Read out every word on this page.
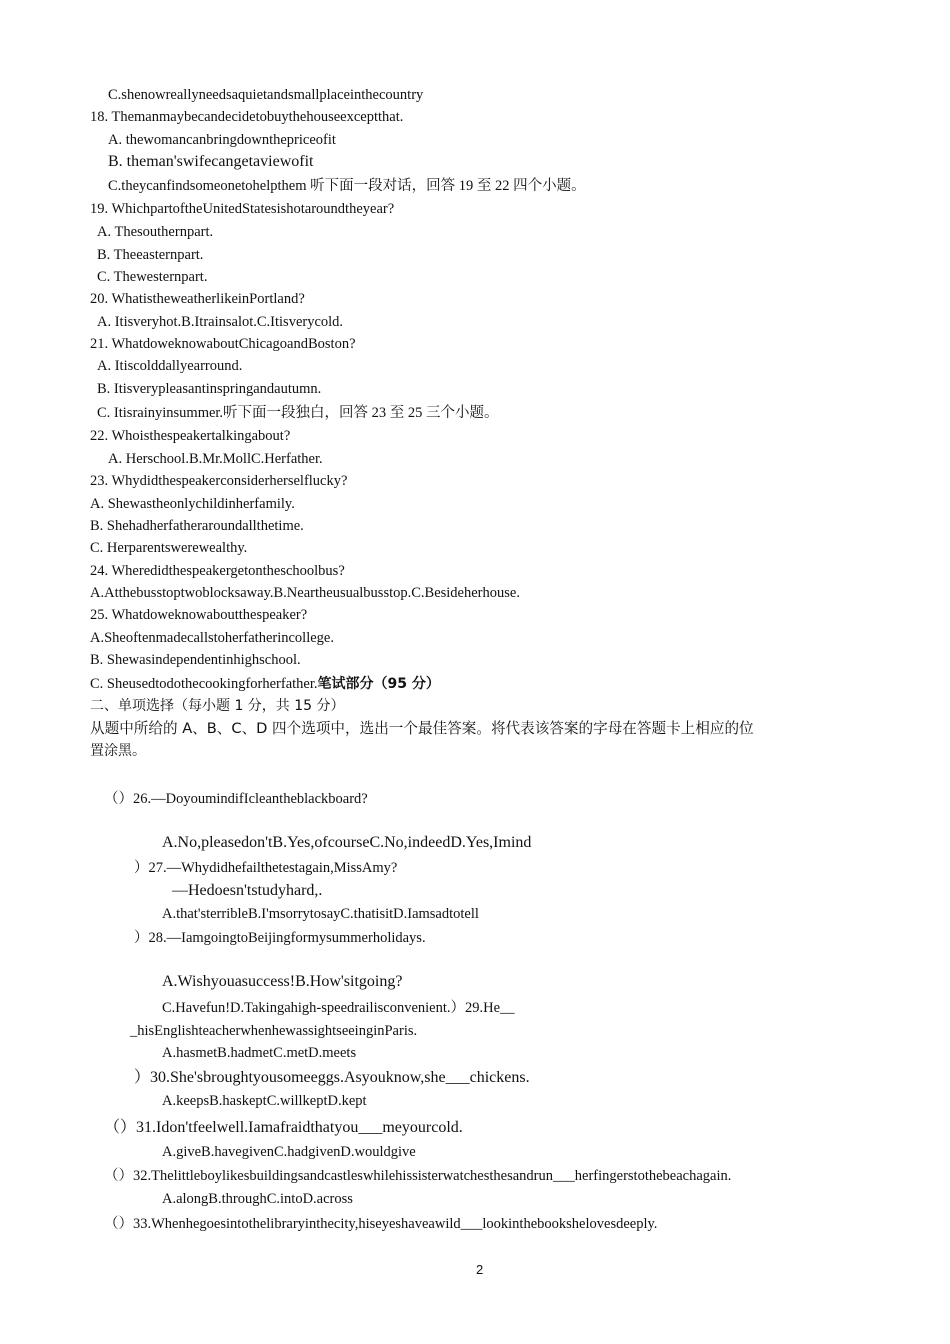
C.shenowreallyneedsaquietandsmallplaceinthecountry
18. Themanmaybecandecidetobuythehouseexceptthat.
A. thewomancanbringdownthepriceofit
B. theman'swifecangetaviewofit
C.theycanfindsomeonetohelpthem 听下面一段对话，回答 19 至 22 四个小题。
19. WhichpartoftheUnitedStatesishotaroundtheyear?
A. Thesouthernpart.
B. Theeasternpart.
C. Thewesternpart.
20. WhatistheweatherlikeinPortland?
A. Itisveryhot.B.Itrainsalot.C.Itisverycold.
21. WhatdoweknowaboutChicagoandBoston?
A. Itiscolddallyearround.
B. Itisverypleasantinspringandautumn.
C. Itisrainyinsummer.听下面一段独白，回答 23 至 25 三个小题。
22. Whoisthespeakertalkingabout?
A. Herschool.B.Mr.MollC.Herfather.
23. Whydidthespeakerconsiderherselflucky?
A. Shewastheonlychildinherfamily.
B. Shehadherfatheraroundallthetime.
C. Herparentswerewealthy.
24. Wheredidthespeakergetontheschoolbus?
A.Atthebusstoptwoblocksaway.B.Neartheusualbusstop.C.Besideherhouse.
25. Whatdoweknowaboutthespeaker?
A.Sheoftenmadecallstoherfatherincollege.
B. Shewasindependentinhighschool.
C. Sheusedtodothecookingforherfather.笔试部分（95 分）
二、单项选择（每小题 1 分，共 15 分）
从题中所给的 A、B、C、D 四个选项中，选出一个最佳答案。将代表该答案的字母在答题卡上相应的位
置涂黑。
（）26.—DoyoumindifIcleantheblackboard?
A.No,pleasedon'tB.Yes,ofcourseC.No,indeedD.Yes,Imind
）27.—Whydidhefailthetestagain,MissAmy?
—Hedoesn'tstudyhard,.
A.that'sterribleB.I'msorrytosayC.thatisitD.Iamsadtotell
）28.—IamgoingtoBeijingformysummerholidays.
A.Wishyouasuccess!B.How'sitgoing?
C.Havefun!D.Takingahigh-speedrailisconvenient.）29.He__
_hisEnglishteacherwhenhewassightseeinginParis.
A.hasmetB.hadmetC.metD.meets
）30.She'sbroughtyousomeeggs.Asyouknow,she___chickens.
A.keepsB.haskeptC.willkeptD.kept
（）31.Idon'tfeelwell.Iamafraidthatyou___meyourcold.
A.giveB.havegivenC.hadgivenD.wouldgive
（）32.Thelittleboylikesbuildingsandcastleswhilehissisterwatchesthesandrun___herfingerstothebeachagain.
A.alongB.throughC.intoD.across
（）33.Whenhegoesintothelibraryinthecity,hiseyeshaveawild___lookinthebookshelovesdeeply.
2
